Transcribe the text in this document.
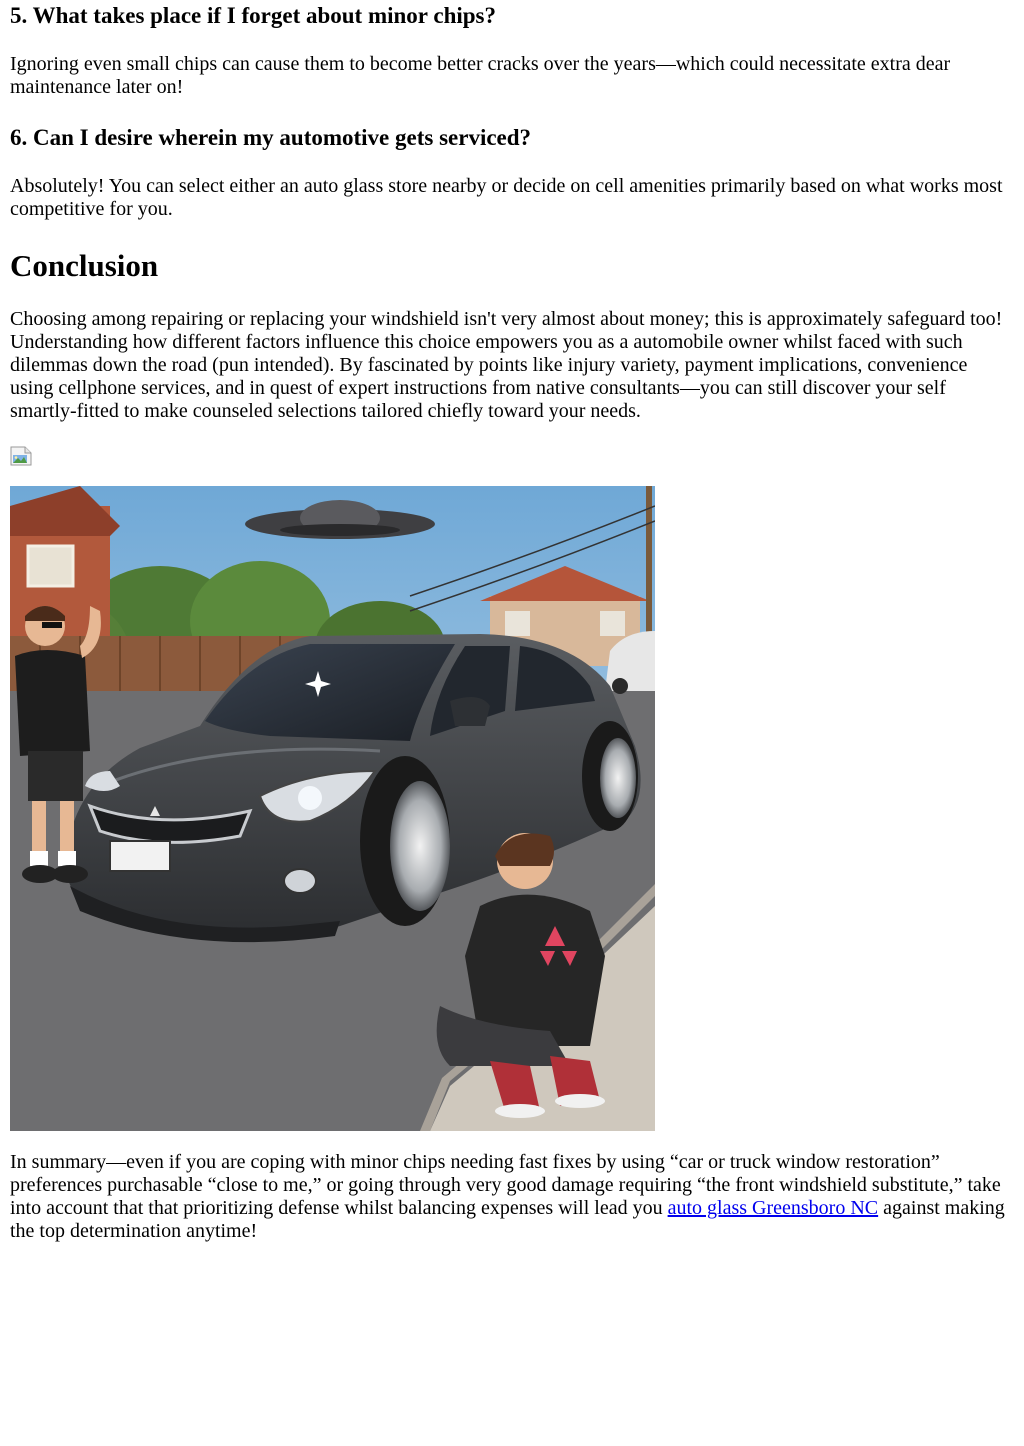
5. What takes place if I forget about minor chips?

Ignoring even small chips can cause them to become better cracks over the years—which could necessitate extra dear maintenance later on!

6. Can I desire wherein my automotive gets serviced?

Absolutely! You can select either an auto glass store nearby or decide on cell amenities primarily based on what works most competitive for you.

Conclusion

Choosing among repairing or replacing your windshield isn't very almost about money; this is approximately safeguard too! Understanding how different factors influence this choice empowers you as a automobile owner whilst faced with such dilemmas down the road (pun intended). By fascinated by points like injury variety, payment implications, convenience using cellphone services, and in quest of expert instructions from native consultants—you can still discover your self smartly-fitted to make counseled selections tailored chiefly toward your needs.

In summary—even if you are coping with minor chips needing fast fixes by using “car or truck window restoration” preferences purchasable “close to me,” or going through very good damage requiring “the front windshield substitute,” take into account that that prioritizing defense whilst balancing expenses will lead you auto glass Greensboro NC against making the top determination anytime!
